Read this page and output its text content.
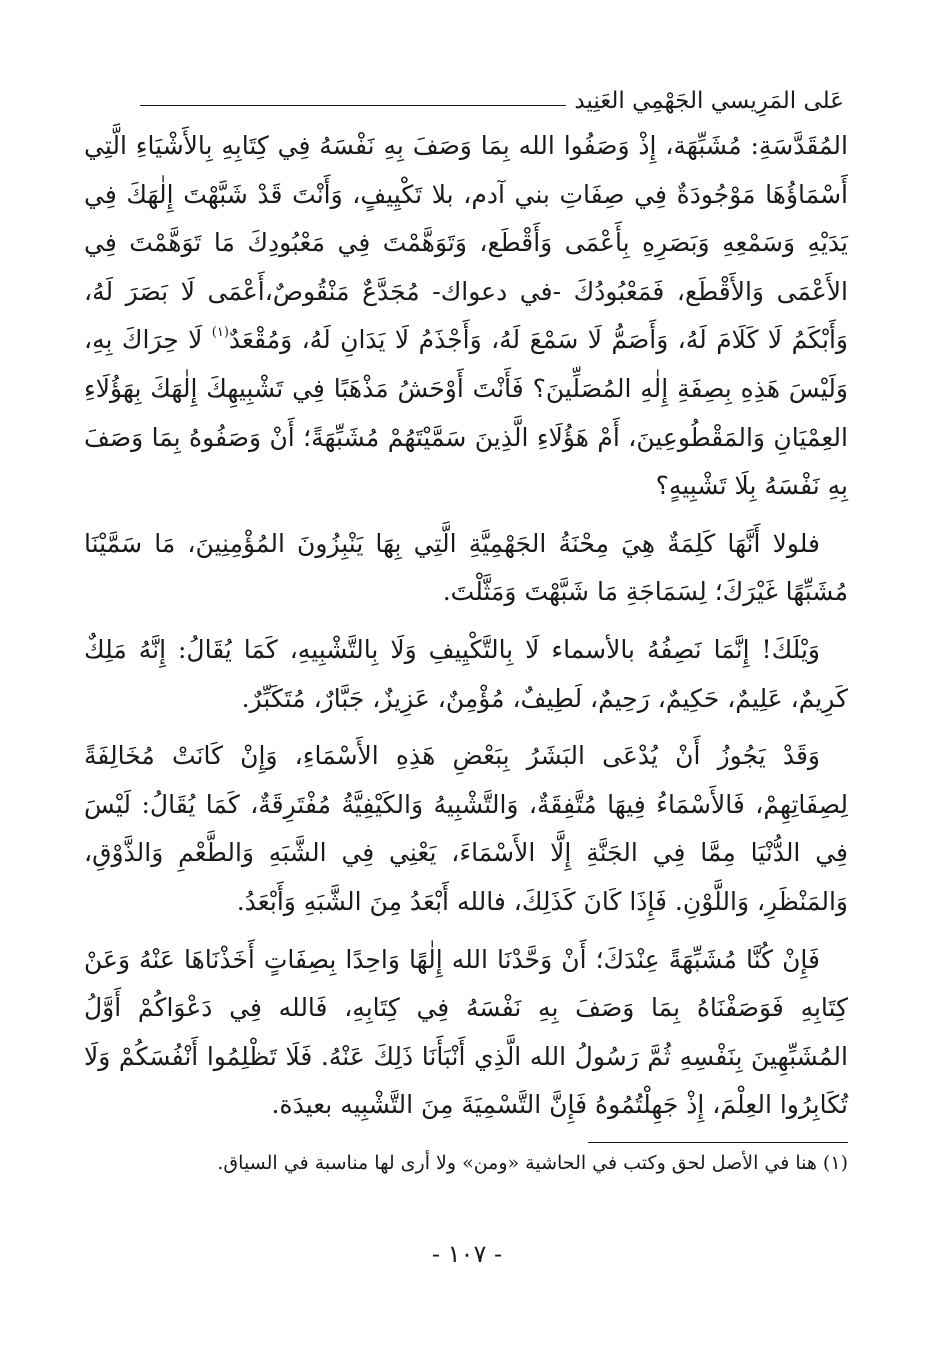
عَلى المَرِيسي الجَهْمِي العَنِيد

المُقَدَّسَةِ: مُشَبِّهَة، إِذْ وَصَفُوا الله بِمَا وَصَفَ بِهِ نَفْسَهُ فِي كِتَابِهِ بِالأَشْيَاءِ الَّتِي أَسْمَاؤُهَا مَوْجُودَةٌ فِي صِفَاتِ بني آدم، بلا تَكْيِيفٍ، وَأَنْتَ قَدْ شَبَّهْتَ إِلٰهَكَ فِي يَدَيْهِ وَسَمْعِهِ وَبَصَرِهِ بِأَعْمَى وَأَقْطَع، وَتَوَهَّمْتَ فِي مَعْبُودِكَ مَا تَوَهَّمْتَ فِي الأَعْمَى وَالأَقْطَع، فَمَعْبُودُكَ -في دعواك- مُجَدَّعٌ مَنْقُوصٌ،أَعْمَى لَا بَصَرَ لَهُ، وَأَبْكَمُ لَا كَلَامَ لَهُ، وَأَصَمُّ لَا سَمْعَ لَهُ، وَأَجْذَمُ لَا يَدَانِ لَهُ، وَمُقْعَدٌ$^{(١)}$ لَا حِرَاكَ بِهِ، وَلَيْسَ هَذِهِ بِصِفَةِ إِلٰهِ المُصَلِّينَ؟ فَأَنْتَ أَوْحَشُ مَذْهَبًا فِي تَشْبِيهِكَ إِلٰهَكَ بِهَؤُلَاءِ العِمْيَانِ وَالمَقْطُوعِينَ، أَمْ هَؤُلَاءِ الَّذِينَ سَمَّيْتَهُمْ مُشَبِّهَةً؛ أَنْ وَصَفُوهُ بِمَا وَصَفَ بِهِ نَفْسَهُ بِلَا تَشْبِيهٍ؟

فلولا أَنَّهَا كَلِمَةٌ هِيَ مِحْنَةُ الجَهْمِيَّةِ الَّتِي بِهَا يَنْبِزُونَ المُؤْمِنِينَ، مَا سَمَّيْنَا مُشَبِّهًا غَيْرَكَ؛ لِسَمَاجَةِ مَا شَبَّهْتَ وَمَثَّلْتَ.

وَيْلَكَ! إِنَّمَا نَصِفُهُ بالأسماء لَا بِالتَّكْيِيفِ وَلَا بِالتَّشْبِيهِ، كَمَا يُقَالُ: إِنَّهُ مَلِكٌ كَرِيمٌ، عَلِيمٌ، حَكِيمٌ، رَحِيمٌ، لَطِيفٌ، مُؤْمِنٌ، عَزِيزٌ، جَبَّارٌ، مُتَكَبِّرٌ.

وَقَدْ يَجُوزُ أَنْ يُدْعَى البَشَرُ بِبَعْضِ هَذِهِ الأَسْمَاءِ، وَإِنْ كَانَتْ مُخَالِفَةً لِصِفَاتِهِمْ، فَالأَسْمَاءُ فِيهَا مُتَّفِقَةٌ، وَالتَّشْبِيهُ وَالكَيْفِيَّةُ مُفْتَرِقَةٌ، كَمَا يُقَالُ: لَيْسَ فِي الدُّنْيَا مِمَّا فِي الجَنَّةِ إِلَّا الأَسْمَاءَ، يَعْنِي فِي الشَّبَهِ وَالطَّعْمِ وَالذَّوْقِ، وَالمَنْظَرِ، وَاللَّوْنِ. فَإِذَا كَانَ كَذَلِكَ، فالله أَبْعَدُ مِنَ الشَّبَهِ وَأَبْعَدُ.

فَإِنْ كُنَّا مُشَبِّهَةً عِنْدَكَ؛ أَنْ وَحَّدْنَا الله إِلٰهًا وَاحِدًا بِصِفَاتٍ أَخَذْنَاهَا عَنْهُ وَعَنْ كِتَابِهِ فَوَصَفْنَاهُ بِمَا وَصَفَ بِهِ نَفْسَهُ فِي كِتَابِهِ، فَالله فِي دَعْوَاكُمْ أَوَّلُ المُشَبِّهِينَ بِنَفْسِهِ ثُمَّ رَسُولُ الله الَّذِي أَنْبَأَنَا ذَلِكَ عَنْهُ. فَلَا تَظْلِمُوا أَنْفُسَكُمْ وَلَا تُكَابِرُوا العِلْمَ، إِذْ جَهِلْتُمُوهُ فَإِنَّ التَّسْمِيَةَ مِنَ التَّشْبِيه بعيدَة.

(١) هنا في الأصل لحق وكتب في الحاشية «ومن» ولا أرى لها مناسبة في السياق.
- ١٠٧ -
